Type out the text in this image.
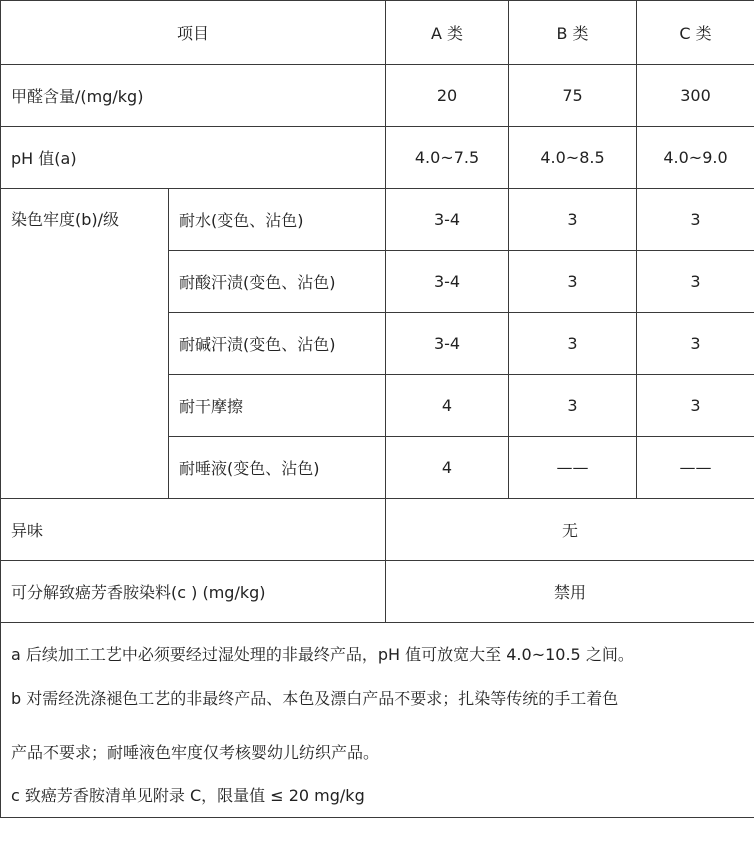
项目		A 类	B 类	C 类
甲醛含量/(mg/kg)		20	75	300
pH 值(a)		4.0~7.5	4.0~8.5	4.0~9.0
染色牢度(b)/级	耐水(变色、沾色)	3-4	3	3
	耐酸汗渍(变色、沾色)	3-4	3	3
	耐碱汗渍(变色、沾色)	3-4	3	3
	耐干摩擦	4	3	3
	耐唾液(变色、沾色)	4	——	——
异味		无		
可分解致癌芳香胺染料(c ) (mg/kg)		禁用		

a 后续加工工艺中必须要经过湿处理的非最终产品，pH 值可放宽大至 4.0~10.5 之间。
b 对需经洗涤褪色工艺的非最终产品、本色及漂白产品不要求；扎染等传统的手工着色
产品不要求；耐唾液色牢度仅考核婴幼儿纺织产品。
c 致癌芳香胺清单见附录 C，限量值 ≤ 20 mg/kg				
